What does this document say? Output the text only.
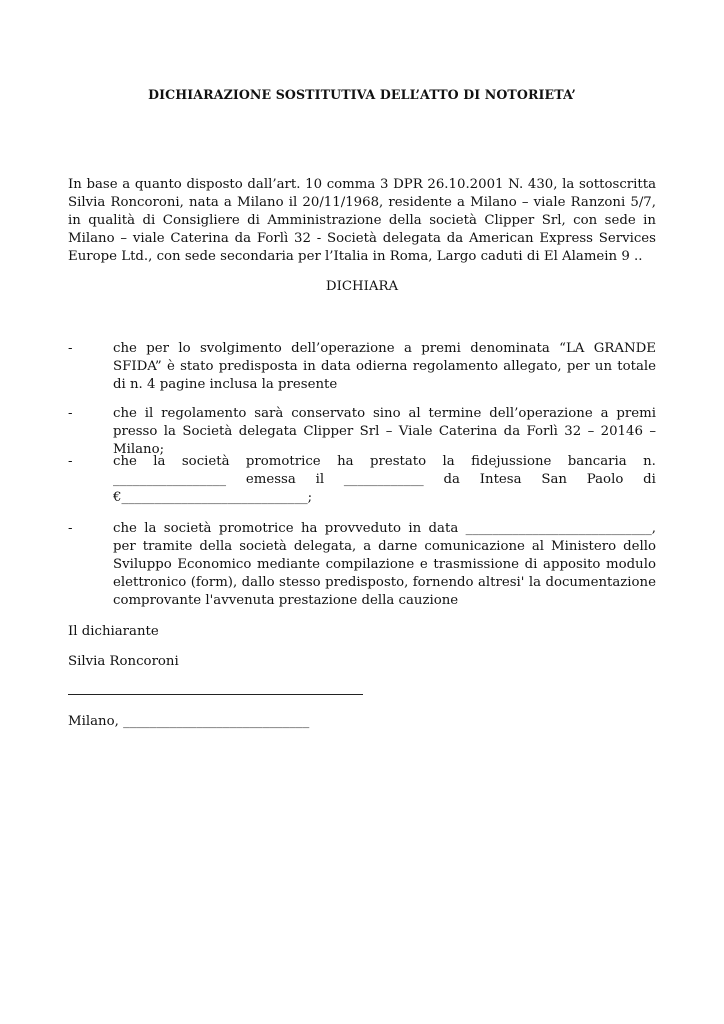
DICHIARAZIONE SOSTITUTIVA DELL’ATTO DI NOTORIETA’

In base a quanto disposto dall’art. 10 comma 3 DPR 26.10.2001 N. 430, la sottoscritta Silvia Roncoroni, nata a Milano il 20/11/1968, residente a Milano – viale Ranzoni 5/7, in qualità di Consigliere di Amministrazione della società Clipper Srl, con sede in Milano – viale Caterina da Forlì 32 - Società delegata da American Express Services Europe Ltd., con sede secondaria per l’Italia in Roma, Largo caduti di El Alamein 9 ..

DICHIARA
-	che per lo svolgimento dell’operazione a premi denominata “LA GRANDE SFIDA” è stato predisposta in data odierna regolamento allegato, per un totale di n. 4 pagine inclusa la presente
-	che il regolamento sarà conservato sino al termine dell’operazione a premi presso la Società delegata Clipper Srl – Viale Caterina da Forlì 32 – 20146 – Milano;
-	che la società promotrice ha prestato la fidejussione bancaria n.
_________________ emessa il ____________ da Intesa San Paolo di
€____________________________;
-	che la società promotrice ha provveduto in data ____________________________, per tramite della società delegata, a darne comunicazione al Ministero dello Sviluppo Economico mediante compilazione e trasmissione di apposito modulo elettronico (form), dallo stesso predisposto, fornendo altresi' la documentazione comprovante l'avvenuta prestazione della cauzione
Il dichiarante
Silvia Roncoroni
Milano, ____________________________
